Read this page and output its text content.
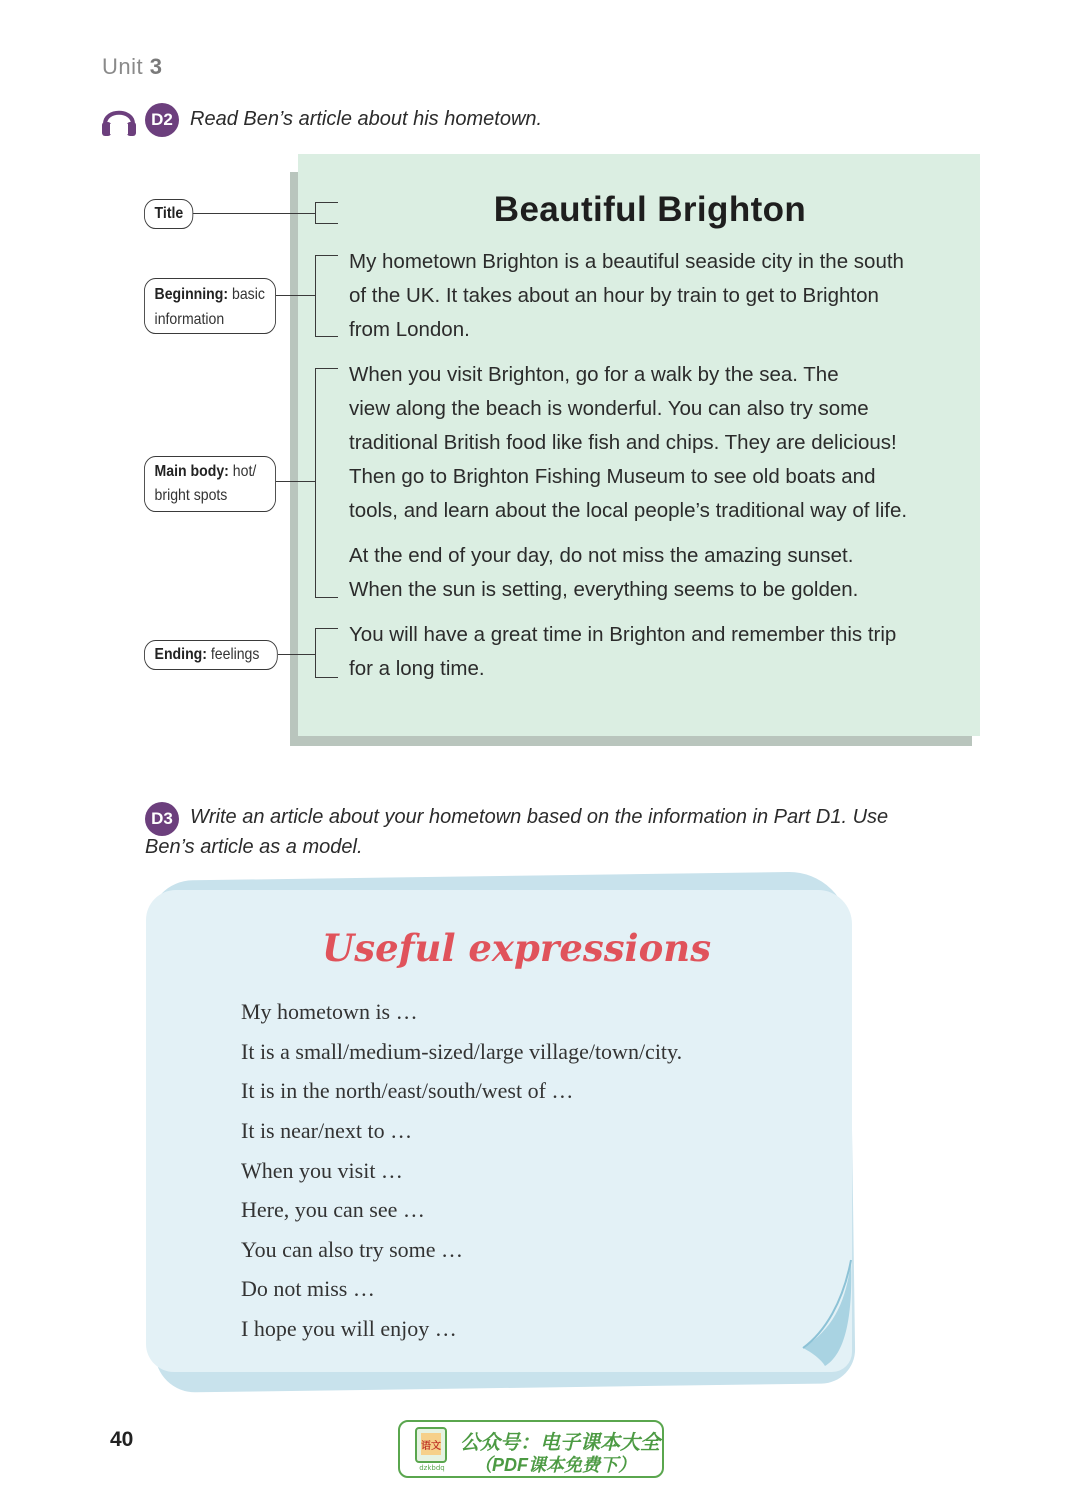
Unit 3
D2 Read Ben’s article about his hometown.
Beautiful Brighton
My hometown Brighton is a beautiful seaside city in the south
of the UK. It takes about an hour by train to get to Brighton
from London.
When you visit Brighton, go for a walk by the sea. The
view along the beach is wonderful. You can also try some
traditional British food like fish and chips. They are delicious!
Then go to Brighton Fishing Museum to see old boats and
tools, and learn about the local people’s traditional way of life.
At the end of your day, do not miss the amazing sunset.
When the sun is setting, everything seems to be golden.
You will have a great time in Brighton and remember this trip
for a long time.
Title
Beginning: basic
information
Main body: hot/
bright spots
Ending: feelings
D3 Write an article about your hometown based on the information in Part D1. Use
Ben’s article as a model.
Useful expressions
My hometown is …
It is a small/medium-sized/large village/town/city.
It is in the north/east/south/west of …
It is near/next to …
When you visit …
Here, you can see …
You can also try some …
Do not miss …
I hope you will enjoy …
40	语文
dzkbdq
公众号：电子课本大全
（PDF课本免费下）
